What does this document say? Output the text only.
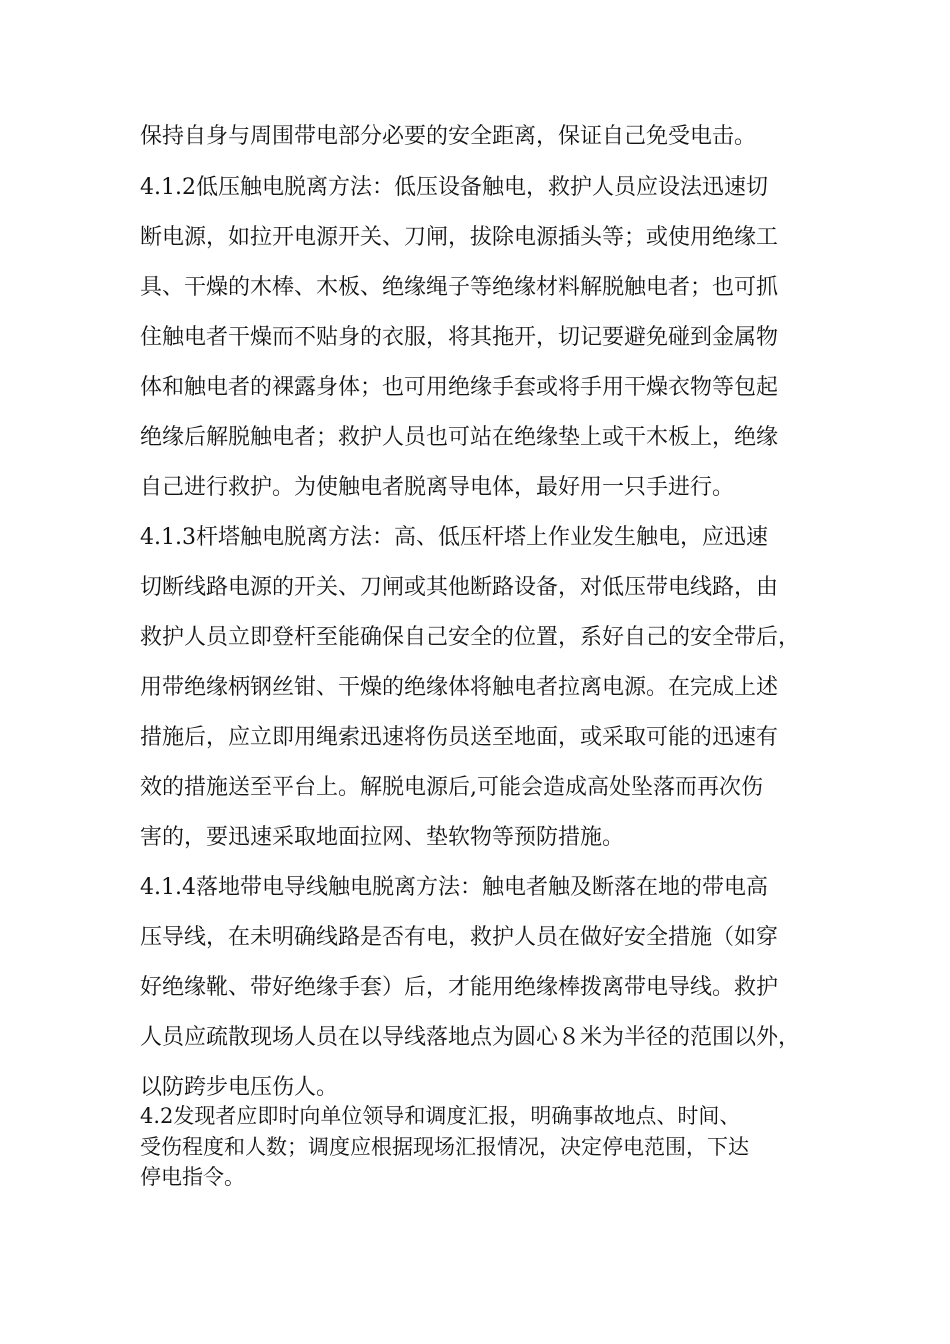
保持自身与周围带电部分必要的安全距离，保证自己免受电击。
4.1.2低压触电脱离方法：低压设备触电，救护人员应设法迅速切
断电源，如拉开电源开关、刀闸，拔除电源插头等；或使用绝缘工
具、干燥的木棒、木板、绝缘绳子等绝缘材料解脱触电者；也可抓
住触电者干燥而不贴身的衣服，将其拖开，切记要避免碰到金属物
体和触电者的裸露身体；也可用绝缘手套或将手用干燥衣物等包起
绝缘后解脱触电者；救护人员也可站在绝缘垫上或干木板上，绝缘
自己进行救护。为使触电者脱离导电体，最好用一只手进行。
4.1.3杆塔触电脱离方法：高、低压杆塔上作业发生触电，应迅速
切断线路电源的开关、刀闸或其他断路设备，对低压带电线路，由
救护人员立即登杆至能确保自己安全的位置，系好自己的安全带后，
用带绝缘柄钢丝钳、干燥的绝缘体将触电者拉离电源。在完成上述
措施后，应立即用绳索迅速将伤员送至地面，或采取可能的迅速有
效的措施送至平台上。解脱电源后,可能会造成高处坠落而再次伤
害的，要迅速采取地面拉网、垫软物等预防措施。
4.1.4落地带电导线触电脱离方法：触电者触及断落在地的带电高
压导线，在未明确线路是否有电，救护人员在做好安全措施（如穿
好绝缘靴、带好绝缘手套）后，才能用绝缘棒拨离带电导线。救护
人员应疏散现场人员在以导线落地点为圆心８米为半径的范围以外，
以防跨步电压伤人。
4.2发现者应即时向单位领导和调度汇报，明确事故地点、时间、
受伤程度和人数；调度应根据现场汇报情况，决定停电范围，下达
停电指令。
